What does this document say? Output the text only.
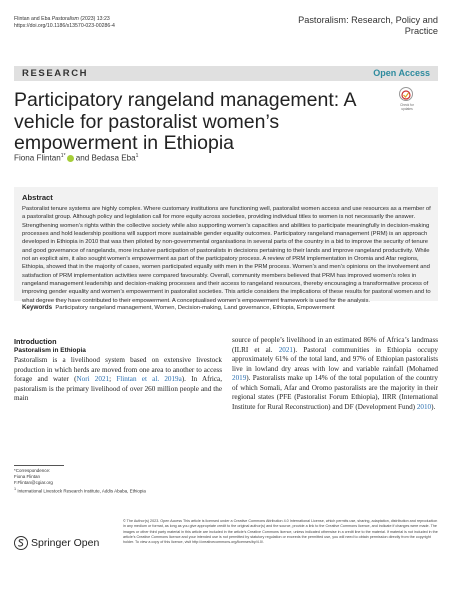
Flintan and Eba Pastoralism (2023) 13:23
https://doi.org/10.1186/s13570-023-00286-4
Pastoralism: Research, Policy and Practice
RESEARCH	Open Access
Check for updates
Participatory rangeland management: A vehicle for pastoralist women’s empowerment in Ethiopia
Fiona Flintan$^{1*}$ and Bedasa Eba$^1$
Abstract
Pastoralist tenure systems are highly complex. Where customary institutions are functioning well, pastoralist women access and use resources as a member of a pastoralist group. Although policy and legislation call for more equity across societies, providing individual titles to women is not necessarily the answer. Strengthening women’s rights within the collective society while also supporting women’s capacities and abilities to participate meaningfully in decision-making processes and hold leadership positions will support more sustainable gender equality outcomes. Participatory rangeland management (PRM) is an approach developed in Ethiopia in 2010 that was then piloted by non-governmental organisations in several parts of the country in a bid to improve the security of tenure and good governance of rangelands, more inclusive participation of pastoralists in decisions pertaining to their lands and improve rangeland productivity. While not an explicit aim, it also sought women’s empowerment as part of the participatory process. A review of PRM implementation in Oromia and Afar regions, Ethiopia, showed that in the majority of cases, women participated equally with men in the PRM process. Women’s and men’s opinions on the involvement and satisfaction of PRM implementation activities were compared favourably. Overall, community members believed that PRM has improved women’s roles in rangeland management leadership and decision-making processes and their access to rangeland resources, thereby encouraging a transformative process of improving gender equality and women’s empowerment in pastoralist societies. This article considers the implications of these results for pastoral women and to what degree they have contributed to their empowerment. A conceptualised women’s empowerment framework is used for the analysis.
Keywords Participatory rangeland management, Women, Decision-making, Land governance, Ethiopia, Empowerment
Introduction
Pastoralism in Ethiopia
Pastoralism is a livelihood system based on extensive livestock production in which herds are moved from one area to another to access forage and water (Nori 2021; Flintan et al. 2019a). In Africa, pastoralism is the primary livelihood of over 260 million people and the main
source of people’s livelihood in an estimated 86% of Africa’s landmass (ILRI et al. 2021). Pastoral communities in Ethiopia occupy approximately 61% of the total land, and 97% of Ethiopian pastoralists live in lowland dry areas with low and variable rainfall (Mohamed 2019). Pastoralists make up 14% of the total population of the country of which Somali, Afar and Oromo pastoralists are the majority in their regional states (PFE (Pastoralist Forum Ethiopia), IIRR (International Institute for Rural Reconstruction) and DF (Development Fund) 2010).
*Correspondence:
Fiona Flintan
F.Flintan@cgiar.org
$^1$ International Livestock Research Institute, Addis Ababa, Ethiopia
Springer Open
© The Author(s) 2023. Open Access This article is licensed under a Creative Commons Attribution 4.0 International License, which permits use, sharing, adaptation, distribution and reproduction in any medium or format, as long as you give appropriate credit to the original author(s) and the source, provide a link to the Creative Commons licence, and indicate if changes were made. The images or other third party material in this article are included in the article’s Creative Commons licence, unless indicated otherwise in a credit line to the material. If material is not included in the article’s Creative Commons licence and your intended use is not permitted by statutory regulation or exceeds the permitted use, you will need to obtain permission directly from the copyright holder. To view a copy of this licence, visit http://creativecommons.org/licenses/by/4.0/.
